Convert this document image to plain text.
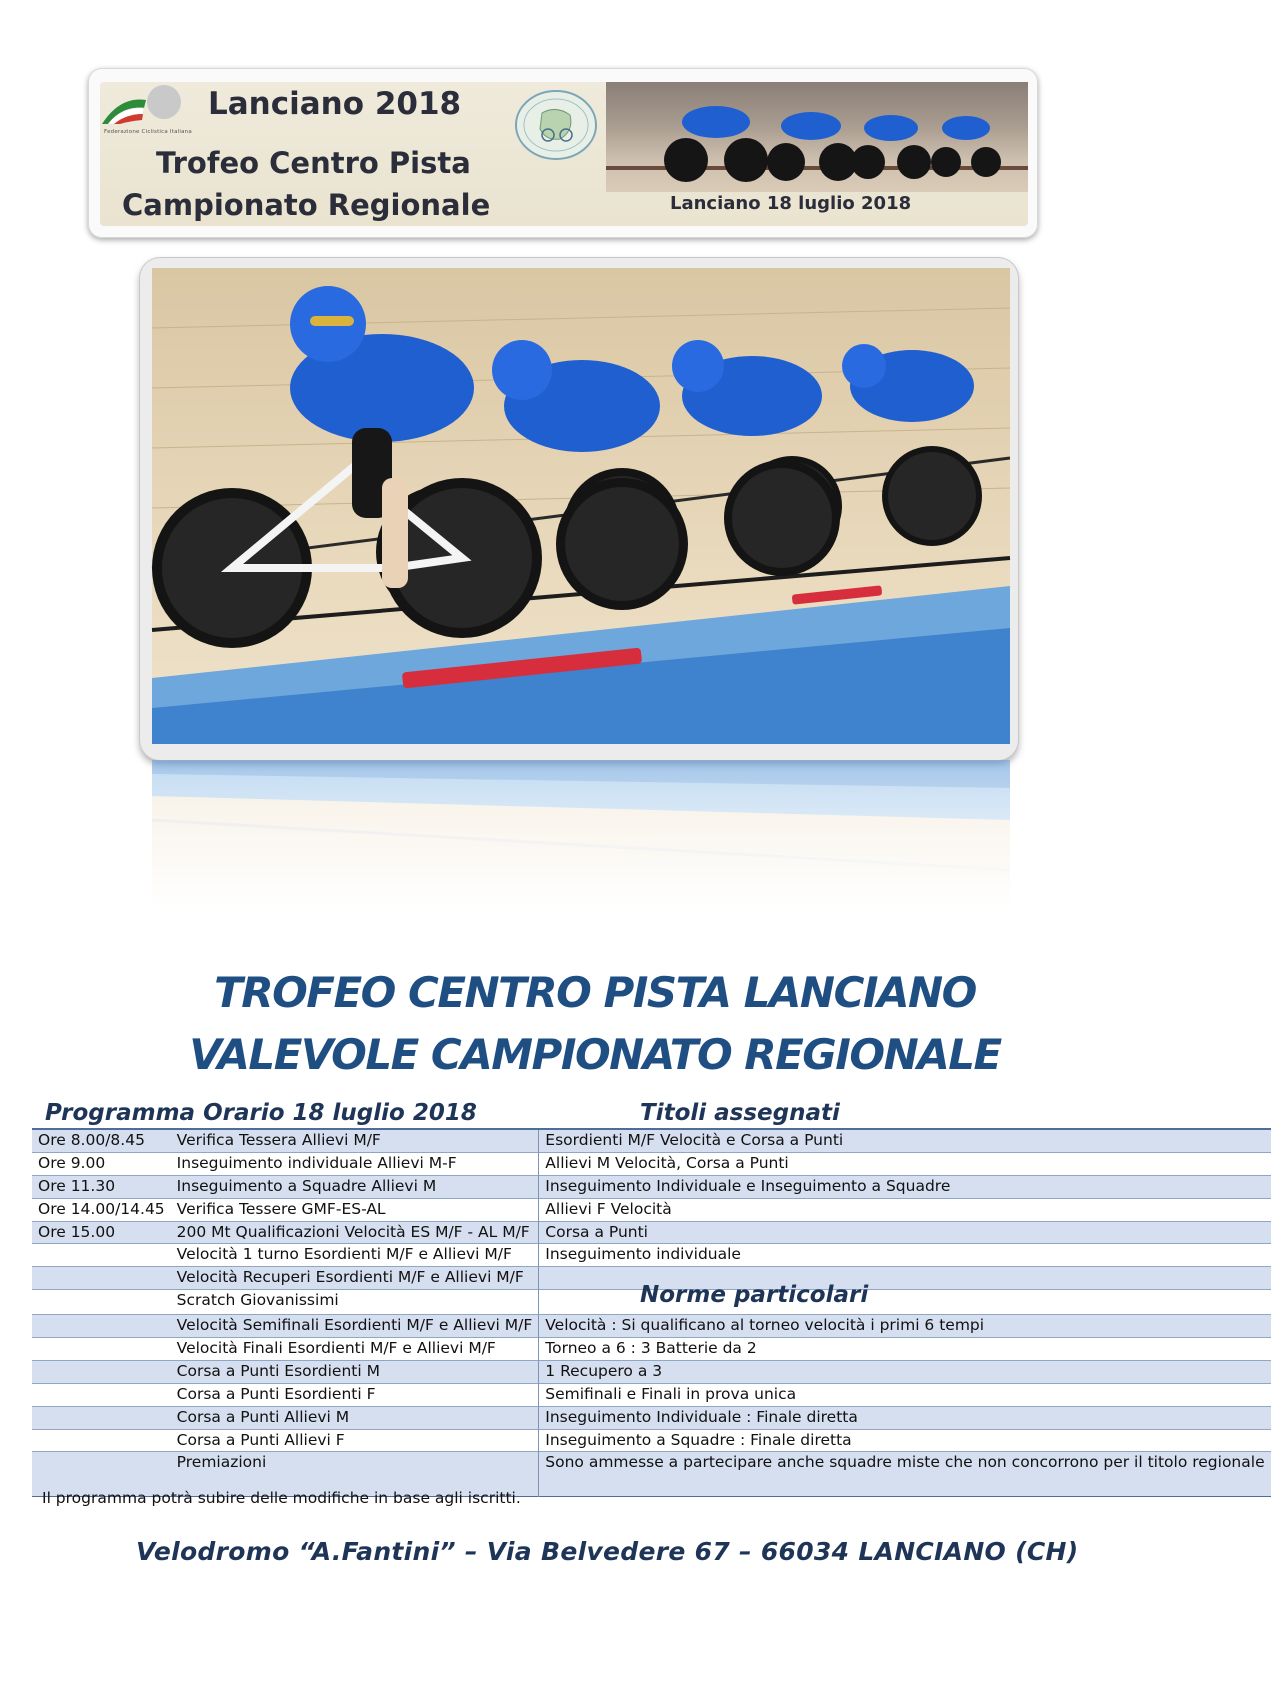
Federazione Ciclistica Italiana
Lanciano 2018
Trofeo Centro Pista
Campionato Regionale	Lanciano 18 luglio 2018
TROFEO CENTRO PISTA LANCIANO
VALEVOLE CAMPIONATO REGIONALE
Programma Orario 18 luglio 2018	Titoli assegnati
Ore 8.00/8.45	Verifica Tessera Allievi M/F	Esordienti M/F Velocità e Corsa a Punti
Ore 9.00	Inseguimento individuale Allievi M-F	Allievi M Velocità, Corsa a Punti
Ore 11.30	Inseguimento a Squadre Allievi M	Inseguimento Individuale e Inseguimento a Squadre
Ore 14.00/14.45	Verifica Tessere GMF-ES-AL	Allievi F Velocità
Ore 15.00	200 Mt Qualificazioni Velocità ES M/F - AL M/F	Corsa a Punti
	Velocità 1 turno Esordienti M/F e Allievi M/F	Inseguimento individuale
	Velocità Recuperi Esordienti M/F e Allievi M/F	
	Scratch Giovanissimi	
	Velocità Semifinali Esordienti M/F e Allievi M/F	Velocità : Si qualificano al torneo velocità i primi 6 tempi
	Velocità Finali Esordienti M/F e Allievi M/F	Torneo a 6 : 3 Batterie da 2
	Corsa a Punti Esordienti M	1 Recupero a 3
	Corsa a Punti Esordienti F	Semifinali e Finali in prova unica
	Corsa a Punti Allievi M	Inseguimento Individuale : Finale diretta
	Corsa a Punti Allievi F	Inseguimento a Squadre : Finale diretta
	Premiazioni	Sono ammesse a partecipare anche squadre miste che non concorrono per il titolo regionale
Norme particolari
Il programma potrà subire delle modifiche in base agli iscritti.
Velodromo “A.Fantini” – Via Belvedere 67 – 66034 LANCIANO (CH)
